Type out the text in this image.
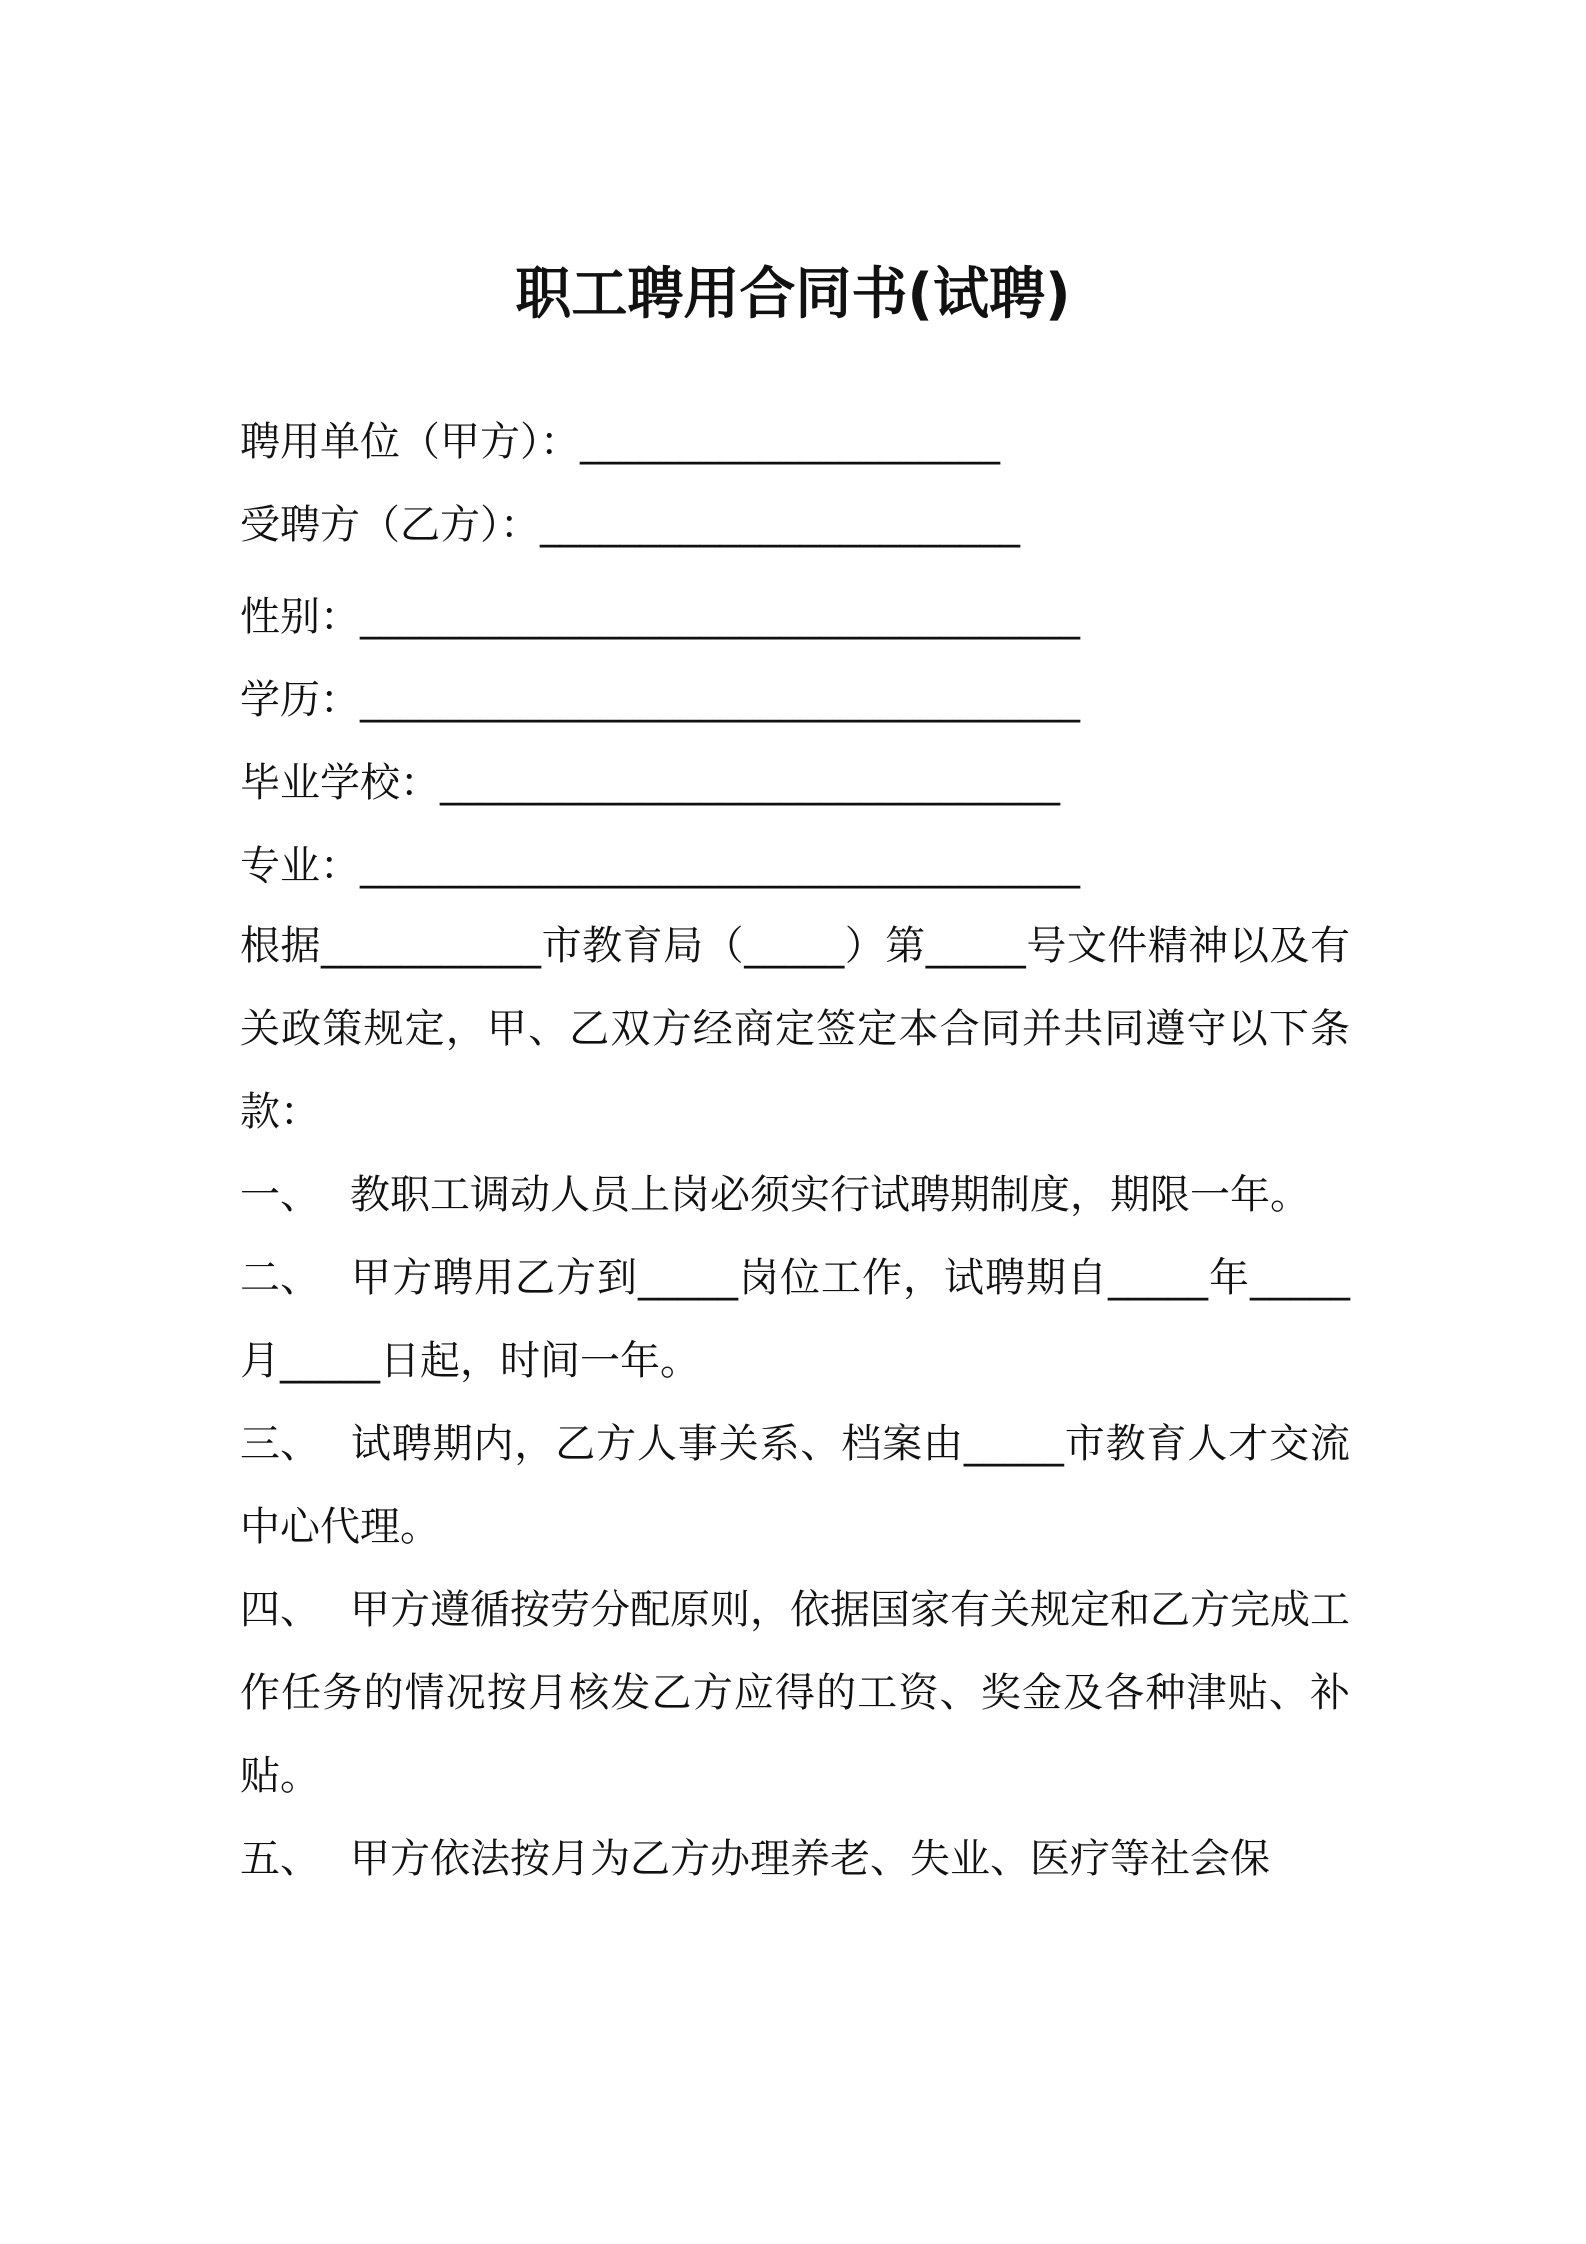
职工聘用合同书(试聘)
聘用单位（甲方）：_____________________
受聘方（乙方）：________________________
性别：____________________________________
学历：____________________________________
毕业学校：_______________________________
专业：____________________________________

根据___________市教育局（_____）第_____号文件精神以及有关政策规定，甲、乙双方经商定签定本合同并共同遵守以下条款：

一、 教职工调动人员上岗必须实行试聘期制度，期限一年。

二、 甲方聘用乙方到_____岗位工作，试聘期自_____年_____月_____日起，时间一年。

三、 试聘期内，乙方人事关系、档案由_____市教育人才交流中心代理。

四、 甲方遵循按劳分配原则，依据国家有关规定和乙方完成工作任务的情况按月核发乙方应得的工资、奖金及各种津贴、补贴。

五、 甲方依法按月为乙方办理养老、失业、医疗等社会保
